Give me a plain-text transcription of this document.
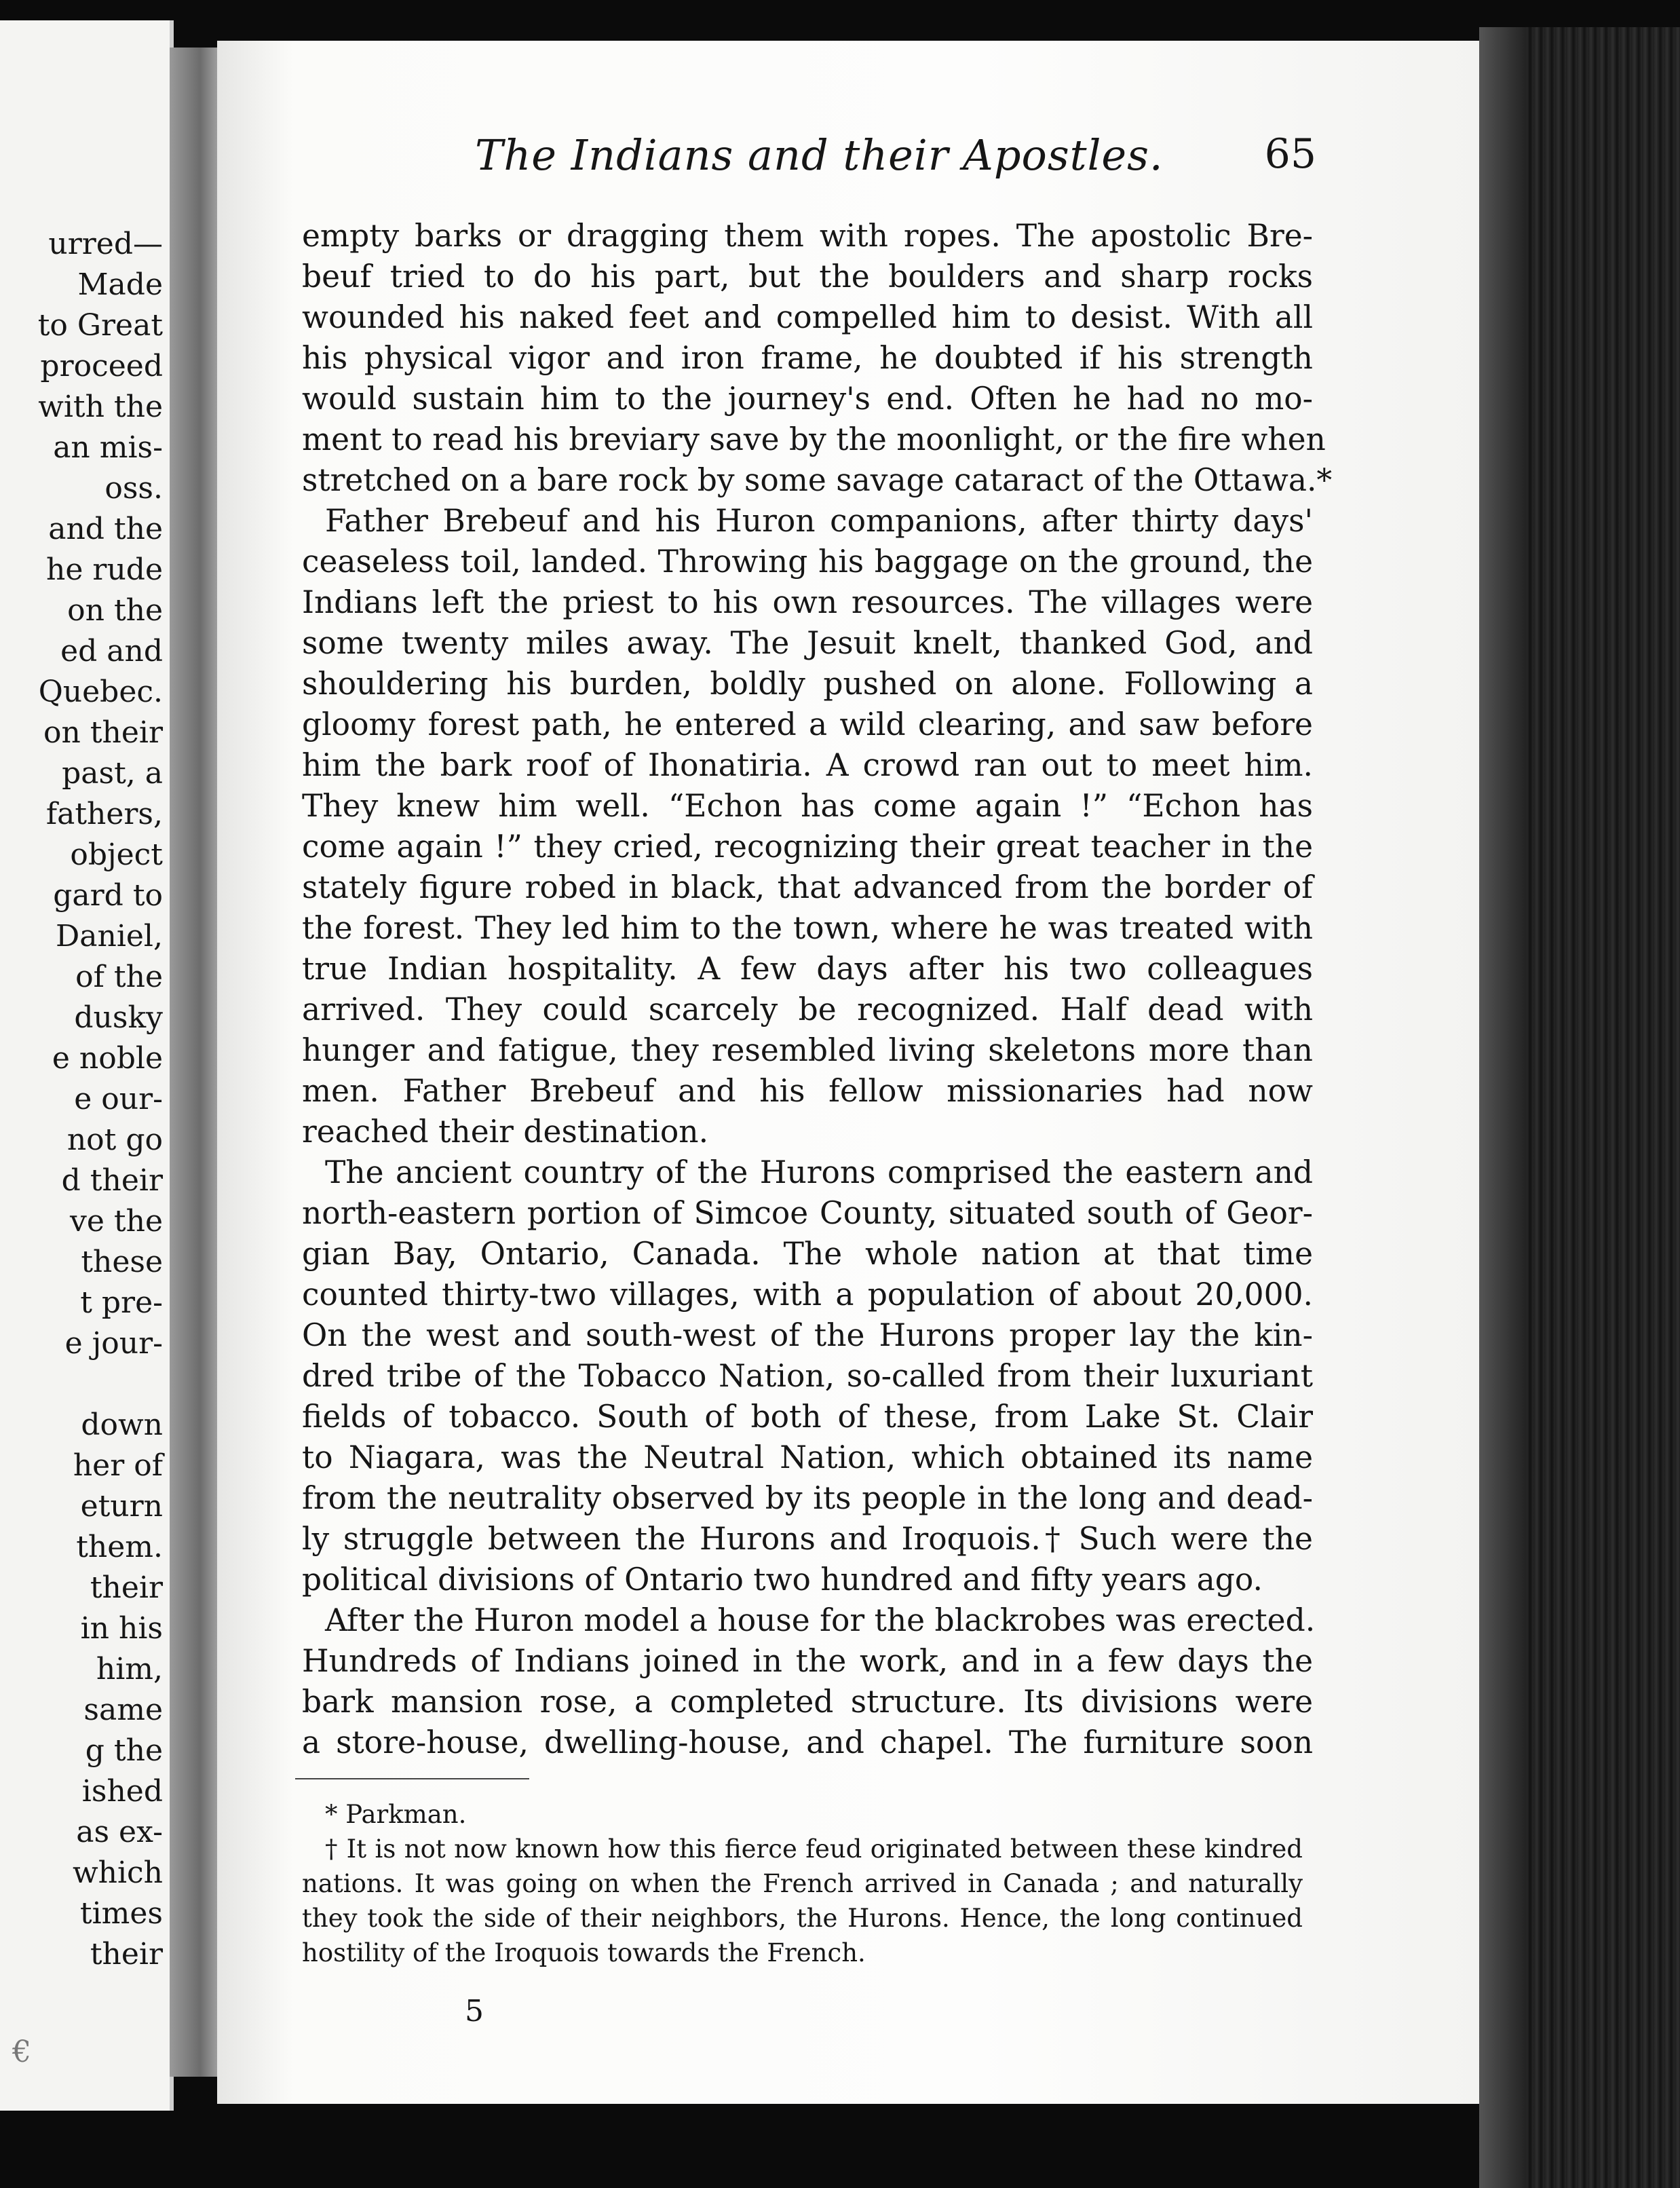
urred—
Made
to Great
proceed
with the
an mis-
oss.
and the
he rude
on the
ed and
Quebec.
on their
past, a
fathers,
object
gard to
Daniel,
of the
dusky
e noble
e our-
not go
d their
ve the
these
t pre-
e jour-
down
her of
eturn
them.
their
in his
him,
same
g the
ished
as ex-
which
times
their
€
The Indians and their Apostles. 65
empty barks or dragging them with ropes. The apostolic Bre-
beuf tried to do his part, but the boulders and sharp rocks
wounded his naked feet and compelled him to desist. With all
his physical vigor and iron frame, he doubted if his strength
would sustain him to the journey's end. Often he had no mo-
ment to read his breviary save by the moonlight, or the fire when
stretched on a bare rock by some savage cataract of the Ottawa.*
Father Brebeuf and his Huron companions, after thirty days'
ceaseless toil, landed. Throwing his baggage on the ground, the
Indians left the priest to his own resources. The villages were
some twenty miles away. The Jesuit knelt, thanked God, and
shouldering his burden, boldly pushed on alone. Following a
gloomy forest path, he entered a wild clearing, and saw before
him the bark roof of Ihonatiria. A crowd ran out to meet him.
They knew him well. “Echon has come again !” “Echon has
come again !” they cried, recognizing their great teacher in the
stately figure robed in black, that advanced from the border of
the forest. They led him to the town, where he was treated with
true Indian hospitality. A few days after his two colleagues
arrived. They could scarcely be recognized. Half dead with
hunger and fatigue, they resembled living skeletons more than
men. Father Brebeuf and his fellow missionaries had now
reached their destination.
The ancient country of the Hurons comprised the eastern and
north-eastern portion of Simcoe County, situated south of Geor-
gian Bay, Ontario, Canada. The whole nation at that time
counted thirty-two villages, with a population of about 20,000.
On the west and south-west of the Hurons proper lay the kin-
dred tribe of the Tobacco Nation, so-called from their luxuriant
fields of tobacco. South of both of these, from Lake St. Clair
to Niagara, was the Neutral Nation, which obtained its name
from the neutrality observed by its people in the long and dead-
ly struggle between the Hurons and Iroquois.† Such were the
political divisions of Ontario two hundred and fifty years ago.
After the Huron model a house for the blackrobes was erected.
Hundreds of Indians joined in the work, and in a few days the
bark mansion rose, a completed structure. Its divisions were
a store-house, dwelling-house, and chapel. The furniture soon
* Parkman.
† It is not now known how this fierce feud originated between these kindred
nations. It was going on when the French arrived in Canada ; and naturally
they took the side of their neighbors, the Hurons. Hence, the long continued
hostility of the Iroquois towards the French.
5
